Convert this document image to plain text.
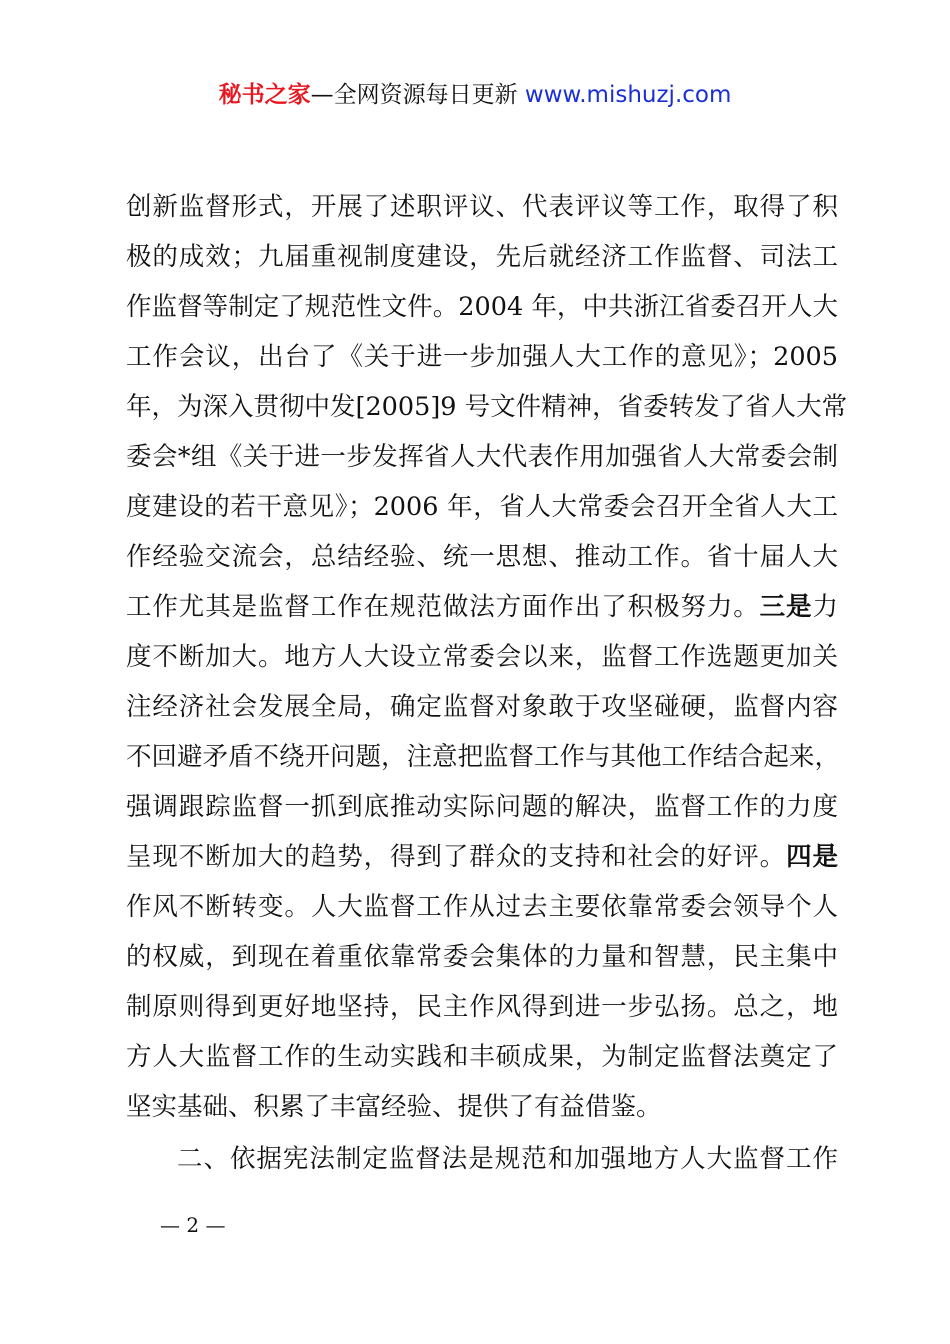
秘书之家—全网资源每日更新 www.mishuzj.com
创新监督形式，开展了述职评议、代表评议等工作，取得了积
极的成效；九届重视制度建设，先后就经济工作监督、司法工
作监督等制定了规范性文件。2004 年，中共浙江省委召开人大
工作会议，出台了《关于进一步加强人大工作的意见》；2005
年，为深入贯彻中发[2005]9 号文件精神，省委转发了省人大常
委会*组《关于进一步发挥省人大代表作用加强省人大常委会制
度建设的若干意见》；2006 年，省人大常委会召开全省人大工
作经验交流会，总结经验、统一思想、推动工作。省十届人大
工作尤其是监督工作在规范做法方面作出了积极努力。三是力
度不断加大。地方人大设立常委会以来，监督工作选题更加关
注经济社会发展全局，确定监督对象敢于攻坚碰硬，监督内容
不回避矛盾不绕开问题，注意把监督工作与其他工作结合起来，
强调跟踪监督一抓到底推动实际问题的解决，监督工作的力度
呈现不断加大的趋势，得到了群众的支持和社会的好评。四是
作风不断转变。人大监督工作从过去主要依靠常委会领导个人
的权威，到现在着重依靠常委会集体的力量和智慧，民主集中
制原则得到更好地坚持，民主作风得到进一步弘扬。总之，地
方人大监督工作的生动实践和丰硕成果，为制定监督法奠定了
坚实基础、积累了丰富经验、提供了有益借鉴。
二、依据宪法制定监督法是规范和加强地方人大监督工作
— 2 —
